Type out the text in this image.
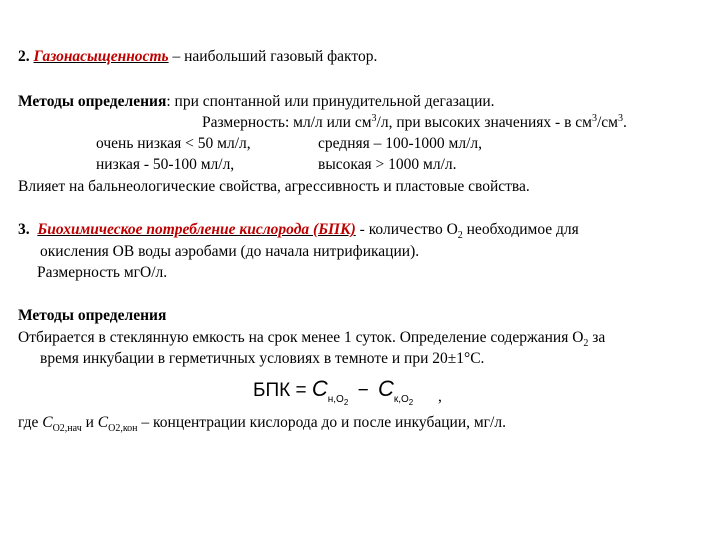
2. Газонасыщенность – наибольший газовый фактор.
Методы определения: при спонтанной или принудительной дегазации.
Размерность: мл/л или $см^3/л$, при высоких значениях - в $см^3/см^3$.
очень низкая < 50 мл/л,	средняя – 100-1000 мл/л,
низкая - 50-100 мл/л,	высокая > 1000 мл/л.
Влияет на бальнеологические свойства, агрессивность и пластовые свойства.
3. Биохимическое потребление кислорода (БПК) - количество $О_2$ необходимое для
окисления ОВ воды аэробами (до начала нитрификации).
Размерность мгО/л.
Методы определения
Отбирается в стеклянную емкость на срок менее 1 суток. Определение содержания $О_2$ за
время инкубации в герметичных условиях в темноте и при 20±1°С.
БПК = $C_{н,O2} - C_{к,O2}$ ,
где $C_{O2,нач}$ и $C_{O2,кон}$ – концентрации кислорода до и после инкубации, мг/л.
